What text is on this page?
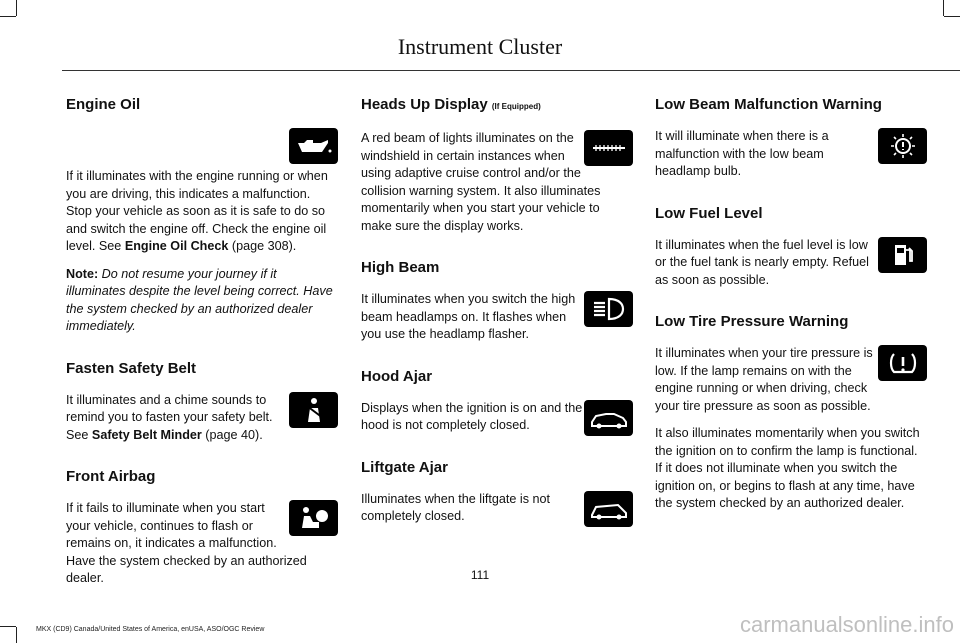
Instrument Cluster
Engine Oil

If it illuminates with the engine running or when you are driving, this indicates a malfunction. Stop your vehicle as soon as it is safe to do so and switch the engine off. Check the engine oil level. See Engine Oil Check (page 308).

Note: Do not resume your journey if it illuminates despite the level being correct. Have the system checked by an authorized dealer immediately.

Fasten Safety Belt

It illuminates and a chime sounds to remind you to fasten your safety belt. See Safety Belt Minder (page 40).

Front Airbag

If it fails to illuminate when you start your vehicle, continues to flash or remains on, it indicates a malfunction. Have the system checked by an authorized dealer.

Heads Up Display (If Equipped)

A red beam of lights illuminates on the windshield in certain instances when using adaptive cruise control and/or the collision warning system. It also illuminates momentarily when you start your vehicle to make sure the display works.

High Beam

It illuminates when you switch the high beam headlamps on. It flashes when you use the headlamp flasher.

Hood Ajar

Displays when the ignition is on and the hood is not completely closed.

Liftgate Ajar

Illuminates when the liftgate is not completely closed.

Low Beam Malfunction Warning

It will illuminate when there is a malfunction with the low beam headlamp bulb.

Low Fuel Level

It illuminates when the fuel level is low or the fuel tank is nearly empty. Refuel as soon as possible.

Low Tire Pressure Warning

It illuminates when your tire pressure is low. If the lamp remains on with the engine running or when driving, check your tire pressure as soon as possible.

It also illuminates momentarily when you switch the ignition on to confirm the lamp is functional. If it does not illuminate when you switch the ignition on, or begins to flash at any time, have the system checked by an authorized dealer.

111
MKX (CD9) Canada/United States of America, enUSA, ASO/OGC Review	carmanualsonline.info
